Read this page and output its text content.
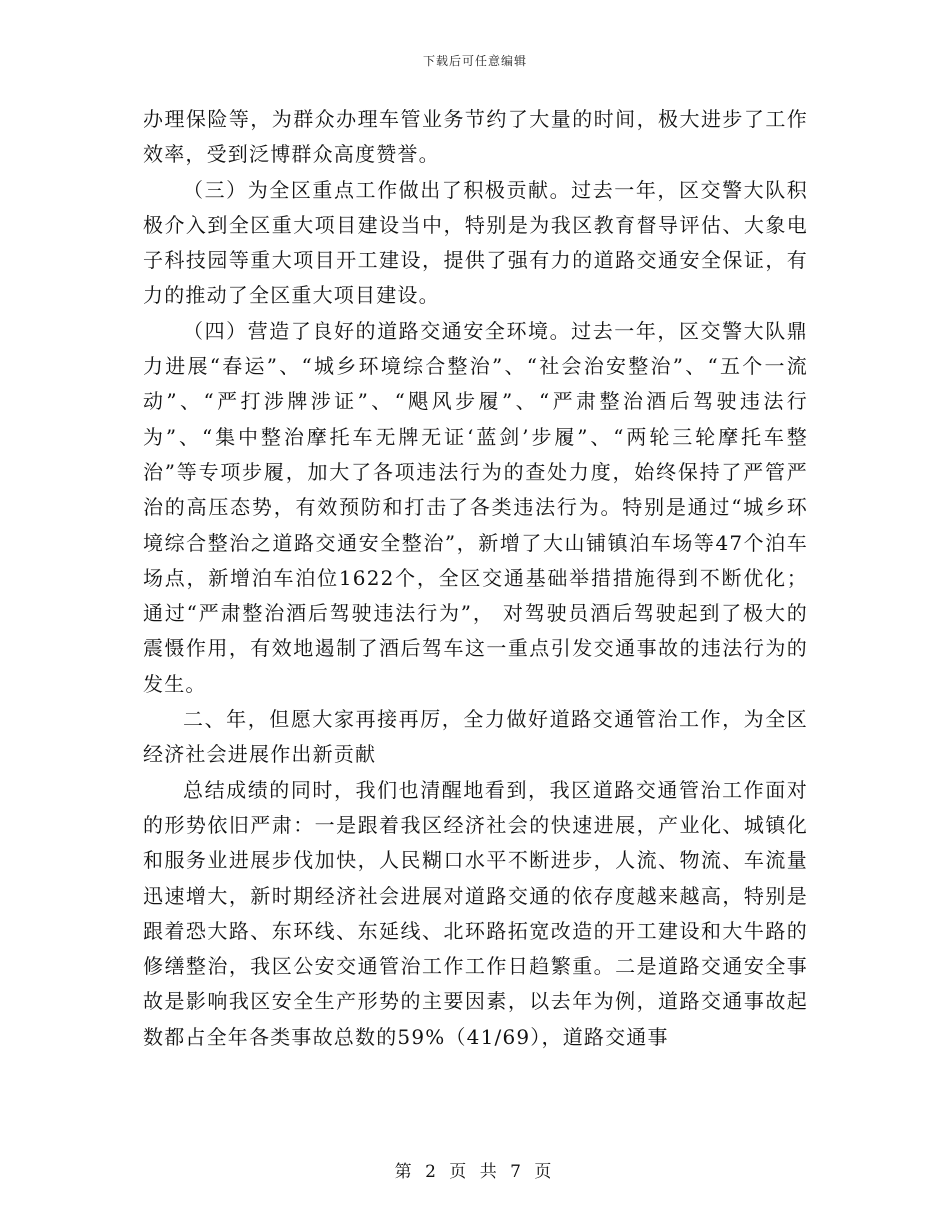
下载后可任意编辑

办理保险等，为群众办理车管业务节约了大量的时间，极大进步了工作效率，受到泛博群众高度赞誉。

（三）为全区重点工作做出了积极贡献。过去一年，区交警大队积极介入到全区重大项目建设当中，特别是为我区教育督导评估、大象电子科技园等重大项目开工建设，提供了强有力的道路交通安全保证，有力的推动了全区重大项目建设。

（四）营造了良好的道路交通安全环境。过去一年，区交警大队鼎力进展“春运”、“城乡环境综合整治”、“社会治安整治”、“五个一流动”、“严打涉牌涉证”、“飓风步履”、“严肃整治酒后驾驶违法行为”、“集中整治摩托车无牌无证‘蓝剑’步履”、“两轮三轮摩托车整治”等专项步履，加大了各项违法行为的查处力度，始终保持了严管严治的高压态势，有效预防和打击了各类违法行为。特别是通过“城乡环境综合整治之道路交通安全整治”，新增了大山铺镇泊车场等47个泊车场点，新增泊车泊位1622个，全区交通基础举措措施得到不断优化；通过“严肃整治酒后驾驶违法行为”， 对驾驶员酒后驾驶起到了极大的震慑作用，有效地遏制了酒后驾车这一重点引发交通事故的违法行为的发生。

二、年，但愿大家再接再厉，全力做好道路交通管治工作，为全区经济社会进展作出新贡献

总结成绩的同时，我们也清醒地看到，我区道路交通管治工作面对的形势依旧严肃：一是跟着我区经济社会的快速进展，产业化、城镇化和服务业进展步伐加快，人民糊口水平不断进步，人流、物流、车流量迅速增大，新时期经济社会进展对道路交通的依存度越来越高，特别是跟着恐大路、东环线、东延线、北环路拓宽改造的开工建设和大牛路的修缮整治，我区公安交通管治工作工作日趋繁重。二是道路交通安全事故是影响我区安全生产形势的主要因素，以去年为例，道路交通事故起数都占全年各类事故总数的59%（41/69），道路交通事

第 2 页 共 7 页
